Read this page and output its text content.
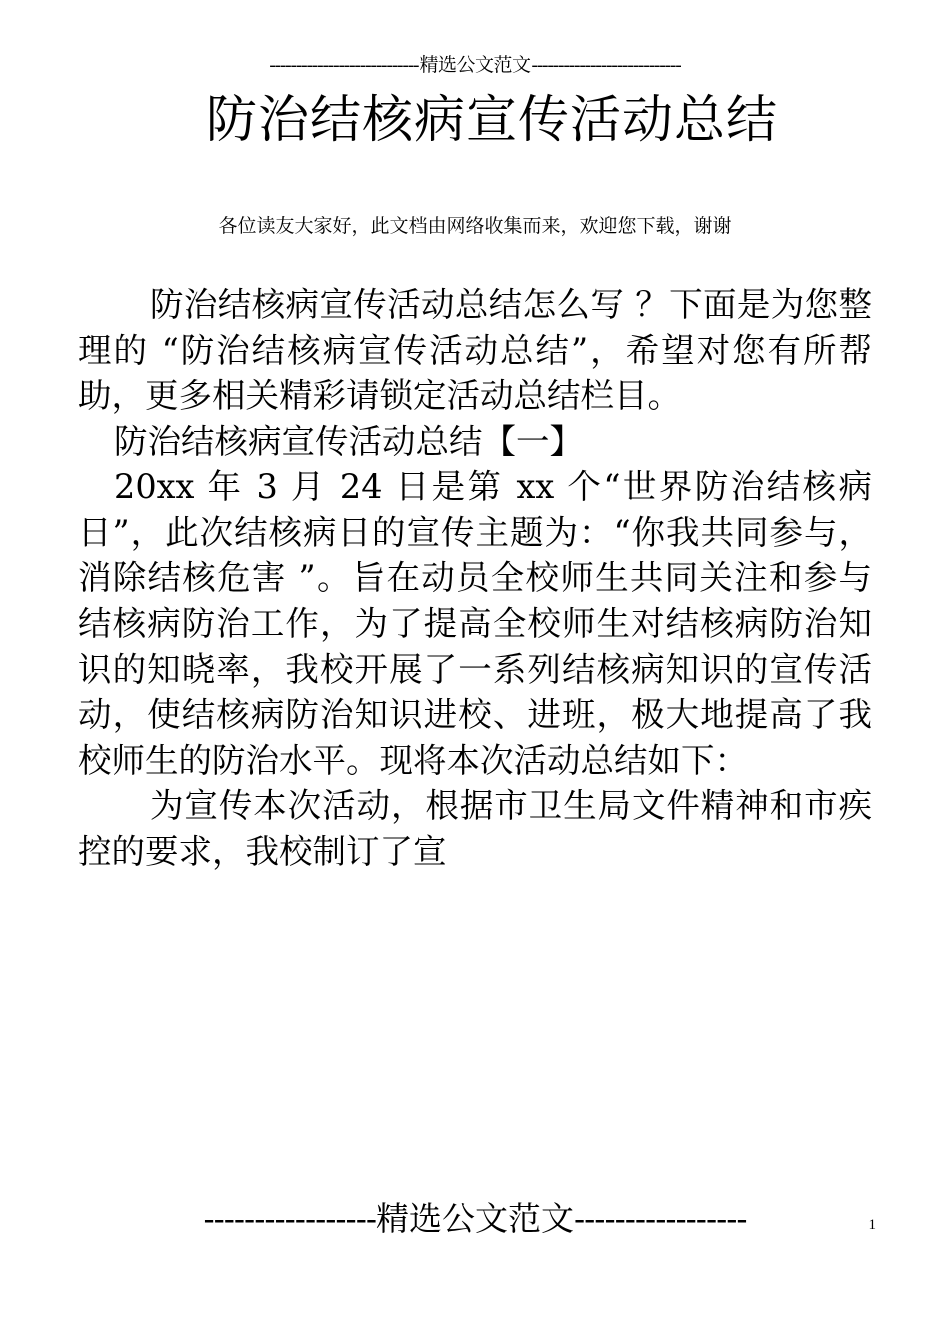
----------------------------精选公文范文----------------------------
防治结核病宣传活动总结
各位读友大家好，此文档由网络收集而来，欢迎您下载，谢谢

防治结核病宣传活动总结怎么写 ？下面是为您整理的 “防治结核病宣传活动总结”，希望对您有所帮助，更多相关精彩请锁定活动总结栏目。

防治结核病宣传活动总结【一】

20xx 年 3 月 24 日是第 xx 个“世界防治结核病日”，此次结核病日的宣传主题为：“你我共同参与，消除结核危害 ”。旨在动员全校师生共同关注和参与结核病防治工作，为了提高全校师生对结核病防治知识的知晓率，我校开展了一系列结核病知识的宣传活动，使结核病防治知识进校、进班，极大地提高了我校师生的防治水平。现将本次活动总结如下：

为宣传本次活动，根据市卫生局文件精神和市疾控的要求，我校制订了宣

-----------------精选公文范文-----------------	1
